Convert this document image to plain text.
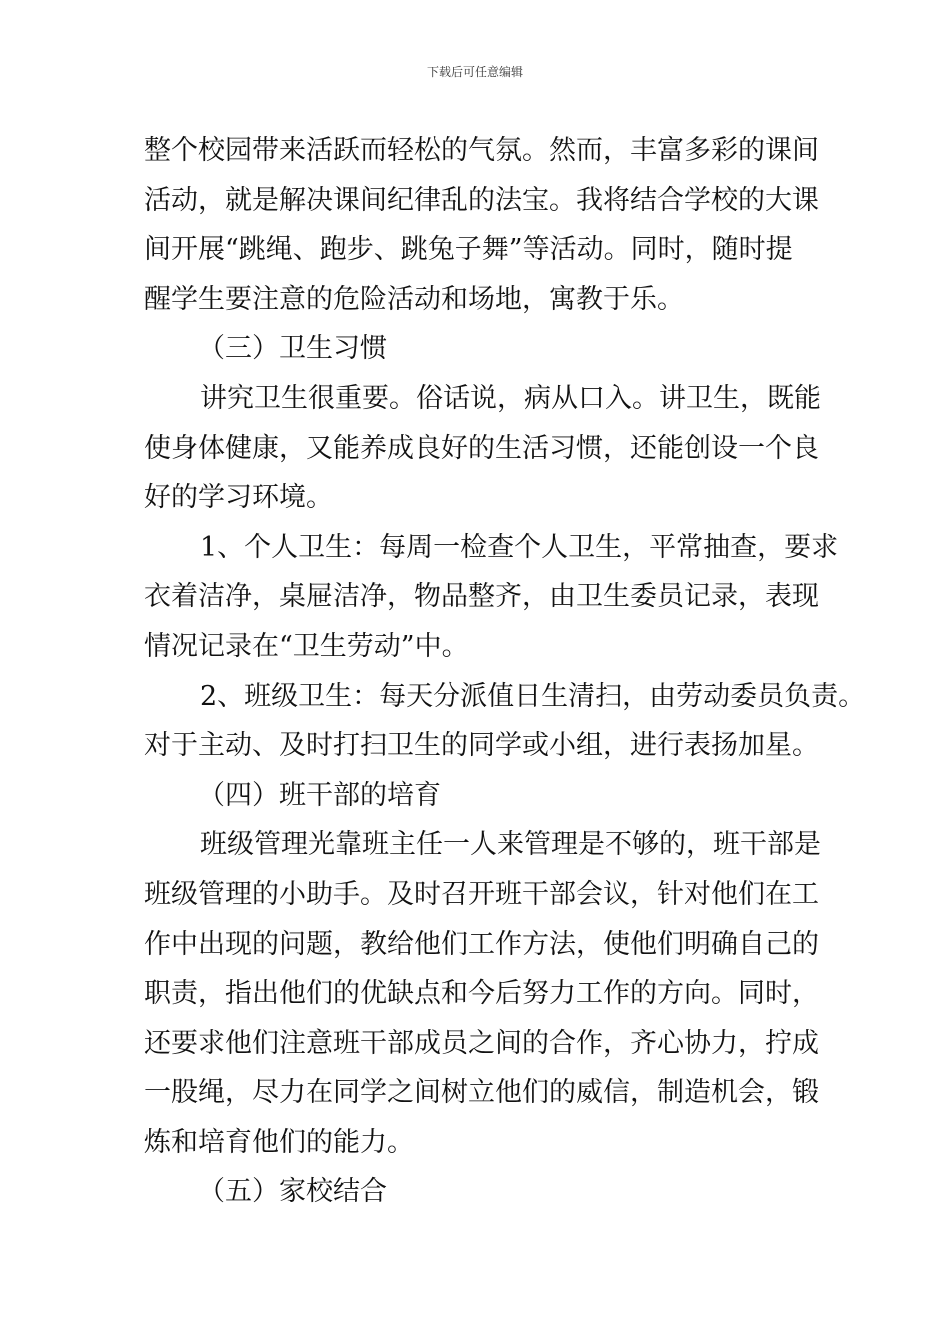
下载后可任意编辑
整个校园带来活跃而轻松的气氛。然而，丰富多彩的课间
活动，就是解决课间纪律乱的法宝。我将结合学校的大课
间开展“跳绳、跑步、跳兔子舞”等活动。同时，随时提
醒学生要注意的危险活动和场地，寓教于乐。
（三）卫生习惯
讲究卫生很重要。俗话说，病从口入。讲卫生，既能
使身体健康，又能养成良好的生活习惯，还能创设一个良
好的学习环境。
1、个人卫生：每周一检查个人卫生，平常抽查，要求
衣着洁净，桌屉洁净，物品整齐，由卫生委员记录，表现
情况记录在“卫生劳动”中。
2、班级卫生：每天分派值日生清扫，由劳动委员负责。
对于主动、及时打扫卫生的同学或小组，进行表扬加星。
（四）班干部的培育
班级管理光靠班主任一人来管理是不够的，班干部是
班级管理的小助手。及时召开班干部会议，针对他们在工
作中出现的问题，教给他们工作方法，使他们明确自己的
职责，指出他们的优缺点和今后努力工作的方向。同时，
还要求他们注意班干部成员之间的合作，齐心协力，拧成
一股绳，尽力在同学之间树立他们的威信，制造机会，锻
炼和培育他们的能力。
（五）家校结合
